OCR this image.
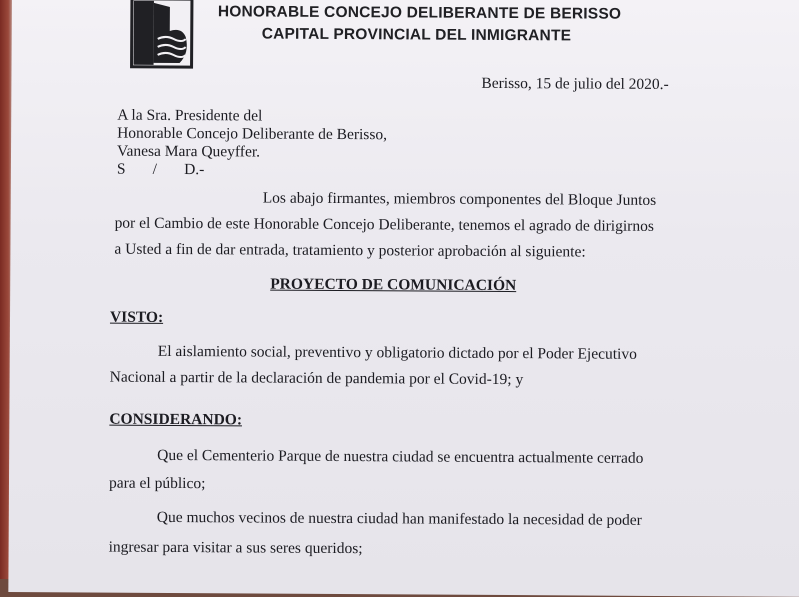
HONORABLE CONCEJO DELIBERANTE DE BERISSO
CAPITAL PROVINCIAL DEL INMIGRANTE
Berisso, 15 de julio del 2020.-
A la Sra. Presidente del
Honorable Concejo Deliberante de Berisso,
Vanesa Mara Queyffer.
S       /       D.-
Los abajo firmantes, miembros componentes del Bloque Juntos
por el Cambio de este Honorable Concejo Deliberante, tenemos el agrado de dirigirnos
a Usted a fin de dar entrada, tratamiento y posterior aprobación al siguiente:
PROYECTO DE COMUNICACIÓN
VISTO:
El aislamiento social, preventivo y obligatorio dictado por el Poder Ejecutivo
Nacional a partir de la declaración de pandemia por el Covid-19; y
CONSIDERANDO:
Que el Cementerio Parque de nuestra ciudad se encuentra actualmente cerrado
para el público;
Que muchos vecinos de nuestra ciudad han manifestado la necesidad de poder
ingresar para visitar a sus seres queridos;
